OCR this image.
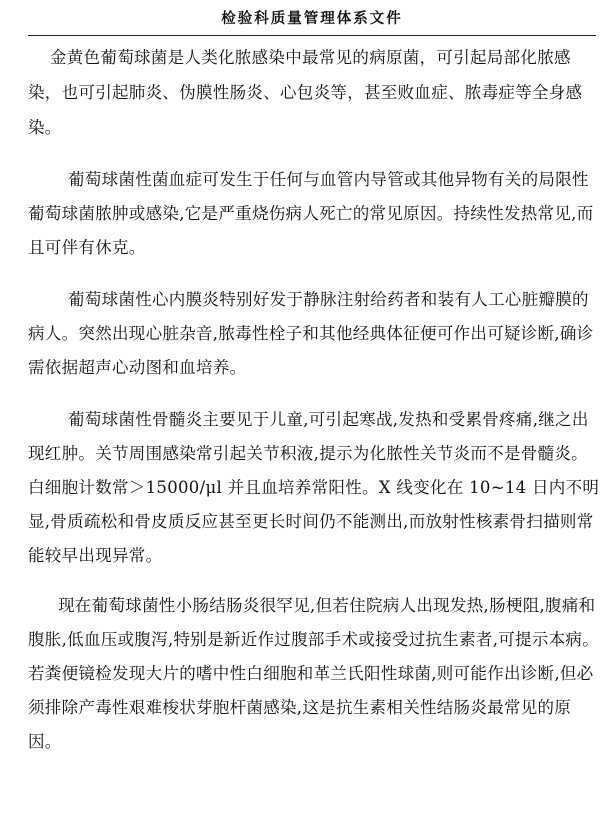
检验科质量管理体系文件

金黄色葡萄球菌是人类化脓感染中最常见的病原菌，可引起局部化脓感染，也可引起肺炎、伪膜性肠炎、心包炎等，甚至败血症、脓毒症等全身感染。

葡萄球菌性菌血症可发生于任何与血管内导管或其他异物有关的局限性葡萄球菌脓肿或感染,它是严重烧伤病人死亡的常见原因。持续性发热常见,而且可伴有休克。

葡萄球菌性心内膜炎特别好发于静脉注射给药者和装有人工心脏瓣膜的病人。突然出现心脏杂音,脓毒性栓子和其他经典体征便可作出可疑诊断,确诊需依据超声心动图和血培养。

葡萄球菌性骨髓炎主要见于儿童,可引起寒战,发热和受累骨疼痛,继之出现红肿。关节周围感染常引起关节积液,提示为化脓性关节炎而不是骨髓炎。白细胞计数常＞15000/μl 并且血培养常阳性。X 线变化在 10~14 日内不明显,骨质疏松和骨皮质反应甚至更长时间仍不能测出,而放射性核素骨扫描则常能较早出现异常。

现在葡萄球菌性小肠结肠炎很罕见,但若住院病人出现发热,肠梗阻,腹痛和腹胀,低血压或腹泻,特别是新近作过腹部手术或接受过抗生素者,可提示本病。若粪便镜检发现大片的嗜中性白细胞和革兰氏阳性球菌,则可能作出诊断,但必须排除产毒性艰难梭状芽胞杆菌感染,这是抗生素相关性结肠炎最常见的原因。
